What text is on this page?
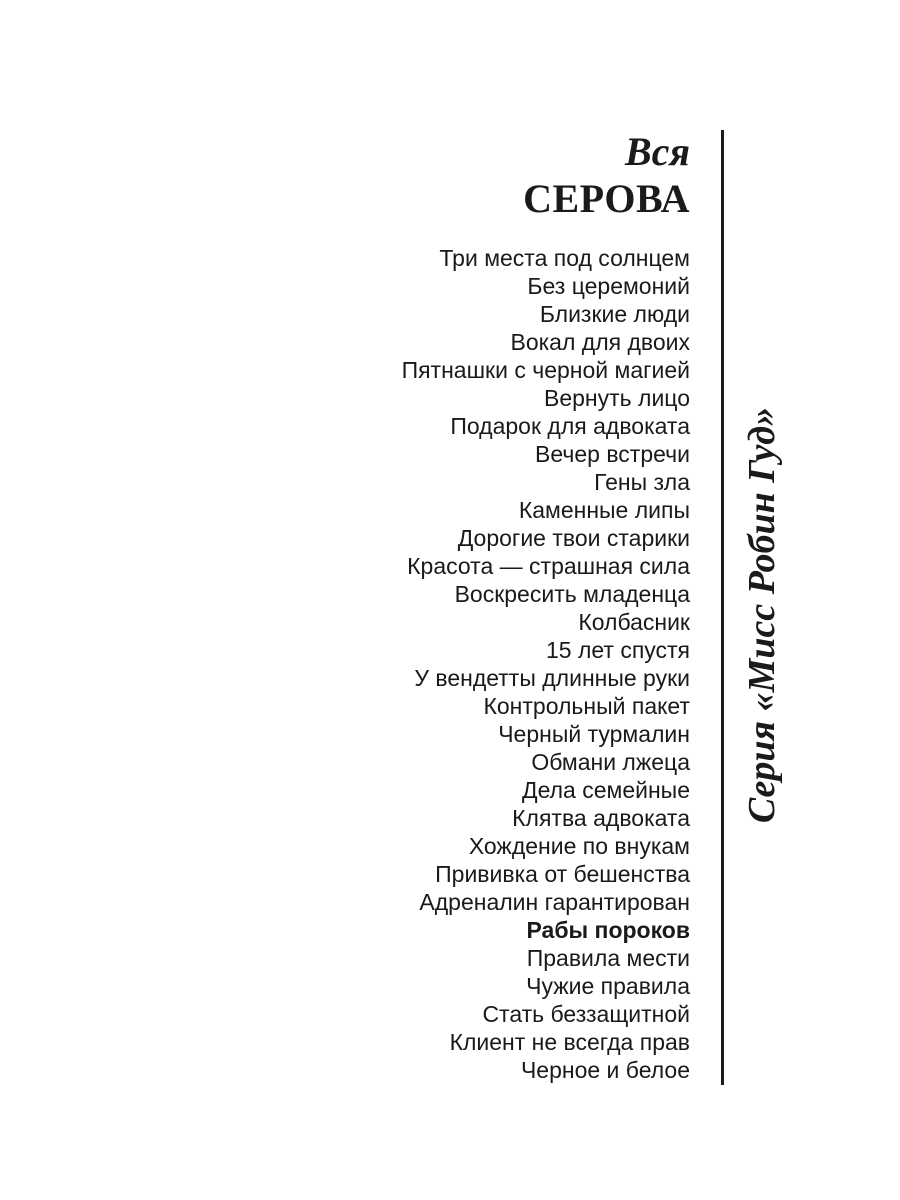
Вся
СЕРОВА
Три места под солнцем
Без церемоний
Близкие люди
Вокал для двоих
Пятнашки с черной магией
Вернуть лицо
Подарок для адвоката
Вечер встречи
Гены зла
Каменные липы
Дорогие твои старики
Красота — страшная сила
Воскресить младенца
Колбасник
15 лет спустя
У вендетты длинные руки
Контрольный пакет
Черный турмалин
Обмани лжеца
Дела семейные
Клятва адвоката
Хождение по внукам
Прививка от бешенства
Адреналин гарантирован
Рабы пороков
Правила мести
Чужие правила
Стать беззащитной
Клиент не всегда прав
Черное и белое
Серия «Мисс Робин Гуд»
